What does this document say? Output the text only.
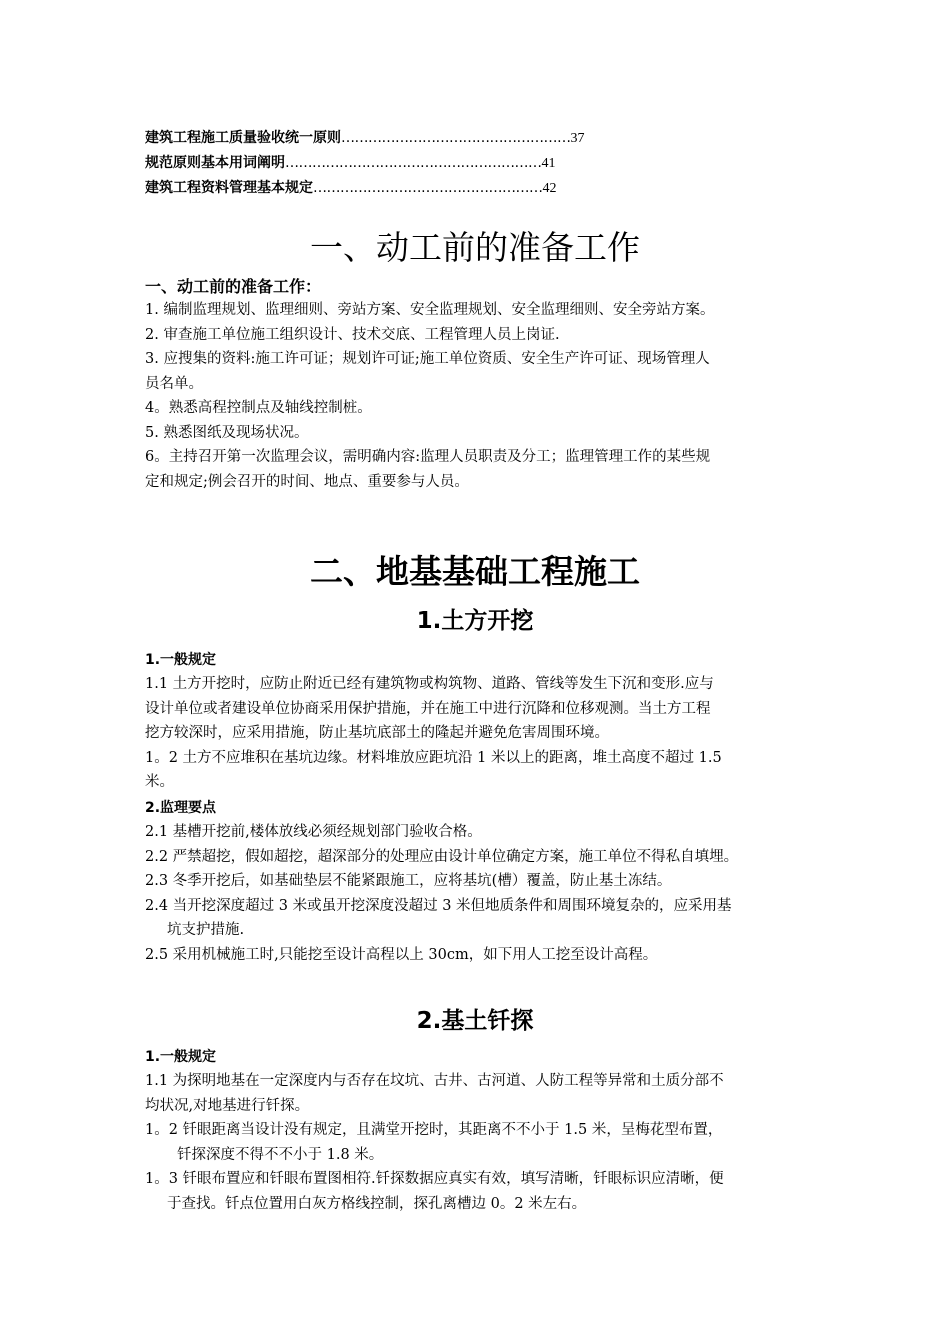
建筑工程施工质量验收统一原则……………………………………………37
规范原则基本用词阐明…………………………………………………41
建筑工程资料管理基本规定……………………………………………42
一、动工前的准备工作
一、动工前的准备工作：
1. 编制监理规划、监理细则、旁站方案、安全监理规划、安全监理细则、安全旁站方案。
2. 审查施工单位施工组织设计、技术交底、工程管理人员上岗证.
3. 应搜集的资料:施工许可证；规划许可证;施工单位资质、安全生产许可证、现场管理人
员名单。
4。熟悉高程控制点及轴线控制桩。
5. 熟悉图纸及现场状况。
6。主持召开第一次监理会议，需明确内容:监理人员职责及分工；监理管理工作的某些规
定和规定;例会召开的时间、地点、重要参与人员。
二、地基基础工程施工
1.土方开挖
1.一般规定
1.1 土方开挖时，应防止附近已经有建筑物或构筑物、道路、管线等发生下沉和变形.应与
设计单位或者建设单位协商采用保护措施，并在施工中进行沉降和位移观测。当土方工程
挖方较深时，应采用措施，防止基坑底部土的隆起并避免危害周围环境。
1。2 土方不应堆积在基坑边缘。材料堆放应距坑沿 1 米以上的距离，堆土高度不超过 1.5
米。
2.监理要点
2.1 基槽开挖前,楼体放线必须经规划部门验收合格。
2.2 严禁超挖，假如超挖，超深部分的处理应由设计单位确定方案，施工单位不得私自填埋。
2.3 冬季开挖后，如基础垫层不能紧跟施工，应将基坑(槽）覆盖，防止基土冻结。
2.4 当开挖深度超过 3 米或虽开挖深度没超过 3 米但地质条件和周围环境复杂的，应采用基
坑支护措施.
2.5 采用机械施工时,只能挖至设计高程以上 30cm，如下用人工挖至设计高程。
2.基土钎探
1.一般规定
1.1 为探明地基在一定深度内与否存在坟坑、古井、古河道、人防工程等异常和土质分部不
均状况,对地基进行钎探。
1。2 钎眼距离当设计没有规定，且满堂开挖时，其距离不不小于 1.5 米，呈梅花型布置，
钎探深度不得不不小于 1.8 米。
1。3 钎眼布置应和钎眼布置图相符.钎探数据应真实有效，填写清晰，钎眼标识应清晰，便
于查找。钎点位置用白灰方格线控制，探孔离槽边 0。2 米左右。
